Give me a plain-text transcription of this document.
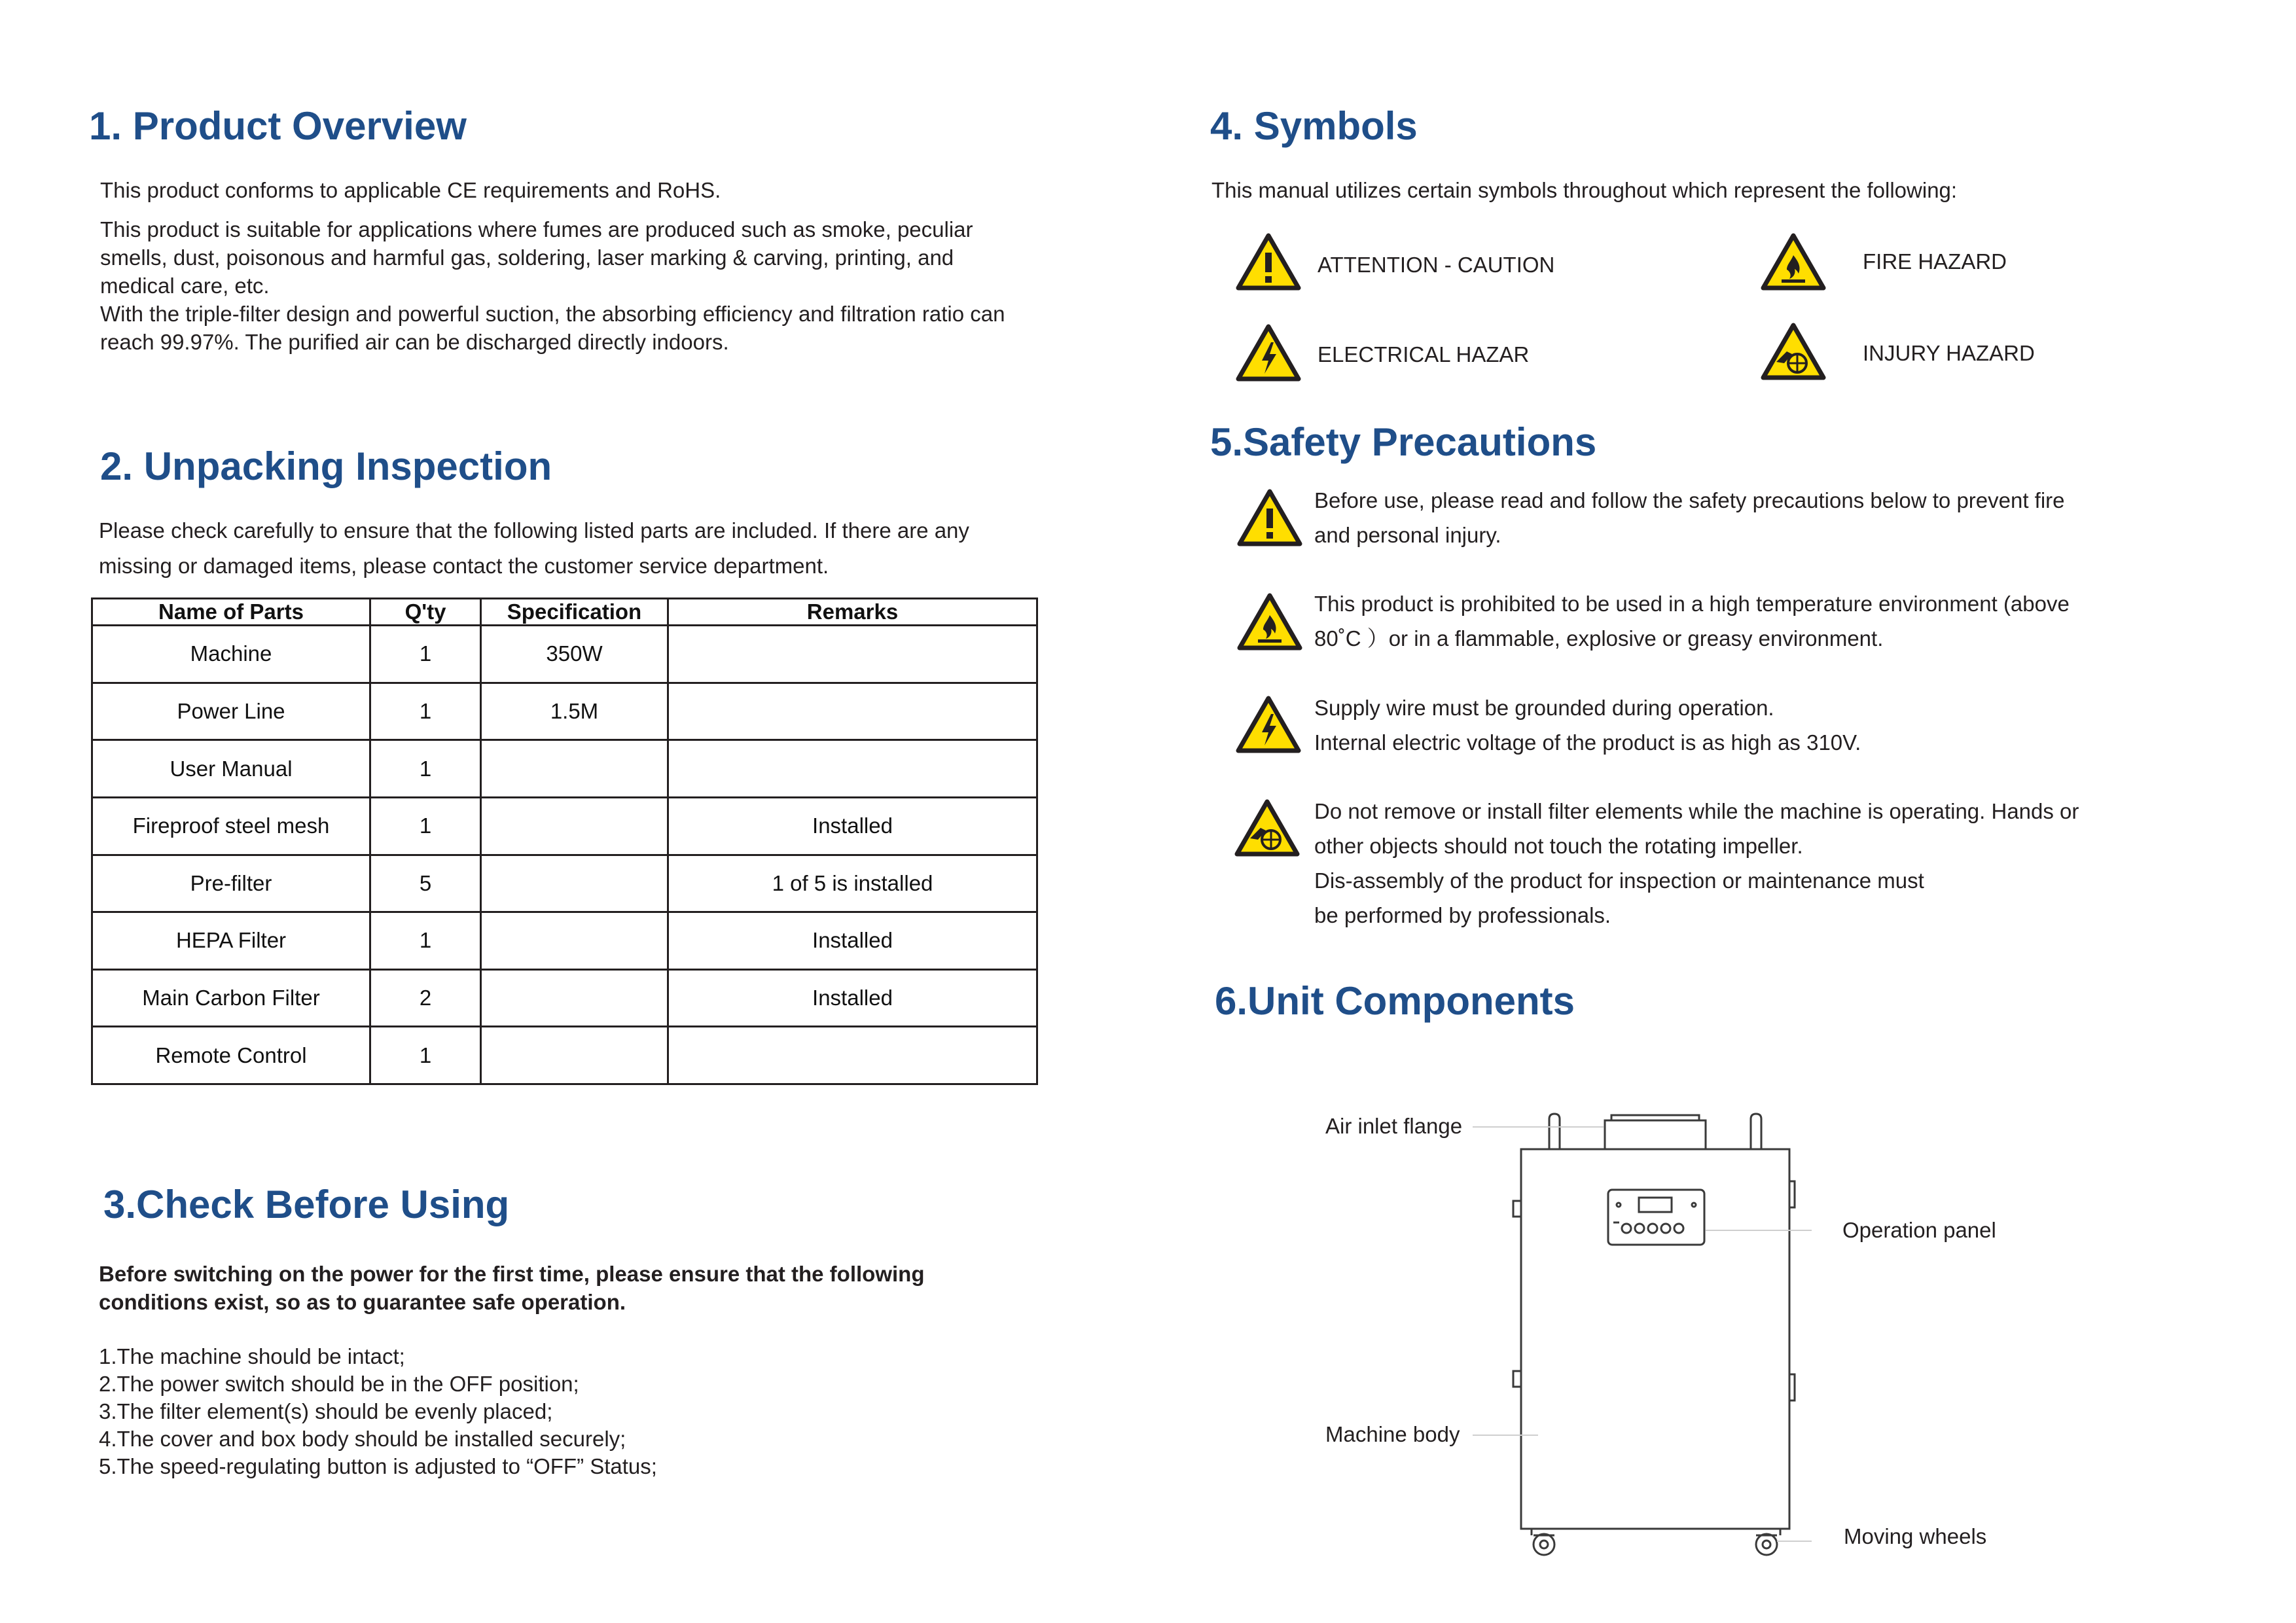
1. Product Overview

This product conforms to applicable CE requirements and RoHS.

This product is suitable for applications where fumes are produced such as smoke, peculiar
smells, dust, poisonous and harmful gas, soldering, laser marking & carving, printing, and
medical care, etc.
With the triple-filter design and powerful suction, the absorbing efficiency and filtration ratio can
reach 99.97%. The purified air can be discharged directly indoors.
2. Unpacking Inspection
Please check carefully to ensure that the following listed parts are included. If there are any
missing or damaged items, please contact the customer service department.
Name of Parts	Q'ty	Specification	Remarks
Machine	1	350W	
Power Line	1	1.5M	
User Manual	1		
Fireproof steel mesh	1		Installed
Pre-filter	5		1 of 5 is installed
HEPA Filter	1		Installed
Main Carbon Filter	2		Installed
Remote Control	1		
3.Check Before Using
Before switching on the power for the first time, please ensure that the following
conditions exist, so as to guarantee safe operation.
1.The machine should be intact;
2.The power switch should be in the OFF position;
3.The filter element(s) should be evenly placed;
4.The cover and box body should be installed securely;
5.The speed-regulating button is adjusted to “OFF” Status;
4. Symbols

This manual utilizes certain symbols throughout which represent the following:

ATTENTION - CAUTION	FIRE HAZARD
ELECTRICAL HAZAR	INJURY HAZARD
5.Safety Precautions
Before use, please read and follow the safety precautions below to prevent fire
and personal injury.
This product is prohibited to be used in a high temperature environment (above
80˚C ）or in a flammable, explosive or greasy environment.
Supply wire must be grounded during operation.
Internal electric voltage of the product is as high as 310V.
Do not remove or install filter elements while the machine is operating. Hands or
other objects should not touch the rotating impeller.
Dis-assembly of the product for inspection or maintenance must
be performed by professionals.
6.Unit Components
Air inlet flange
Operation panel
Machine body
Moving wheels
